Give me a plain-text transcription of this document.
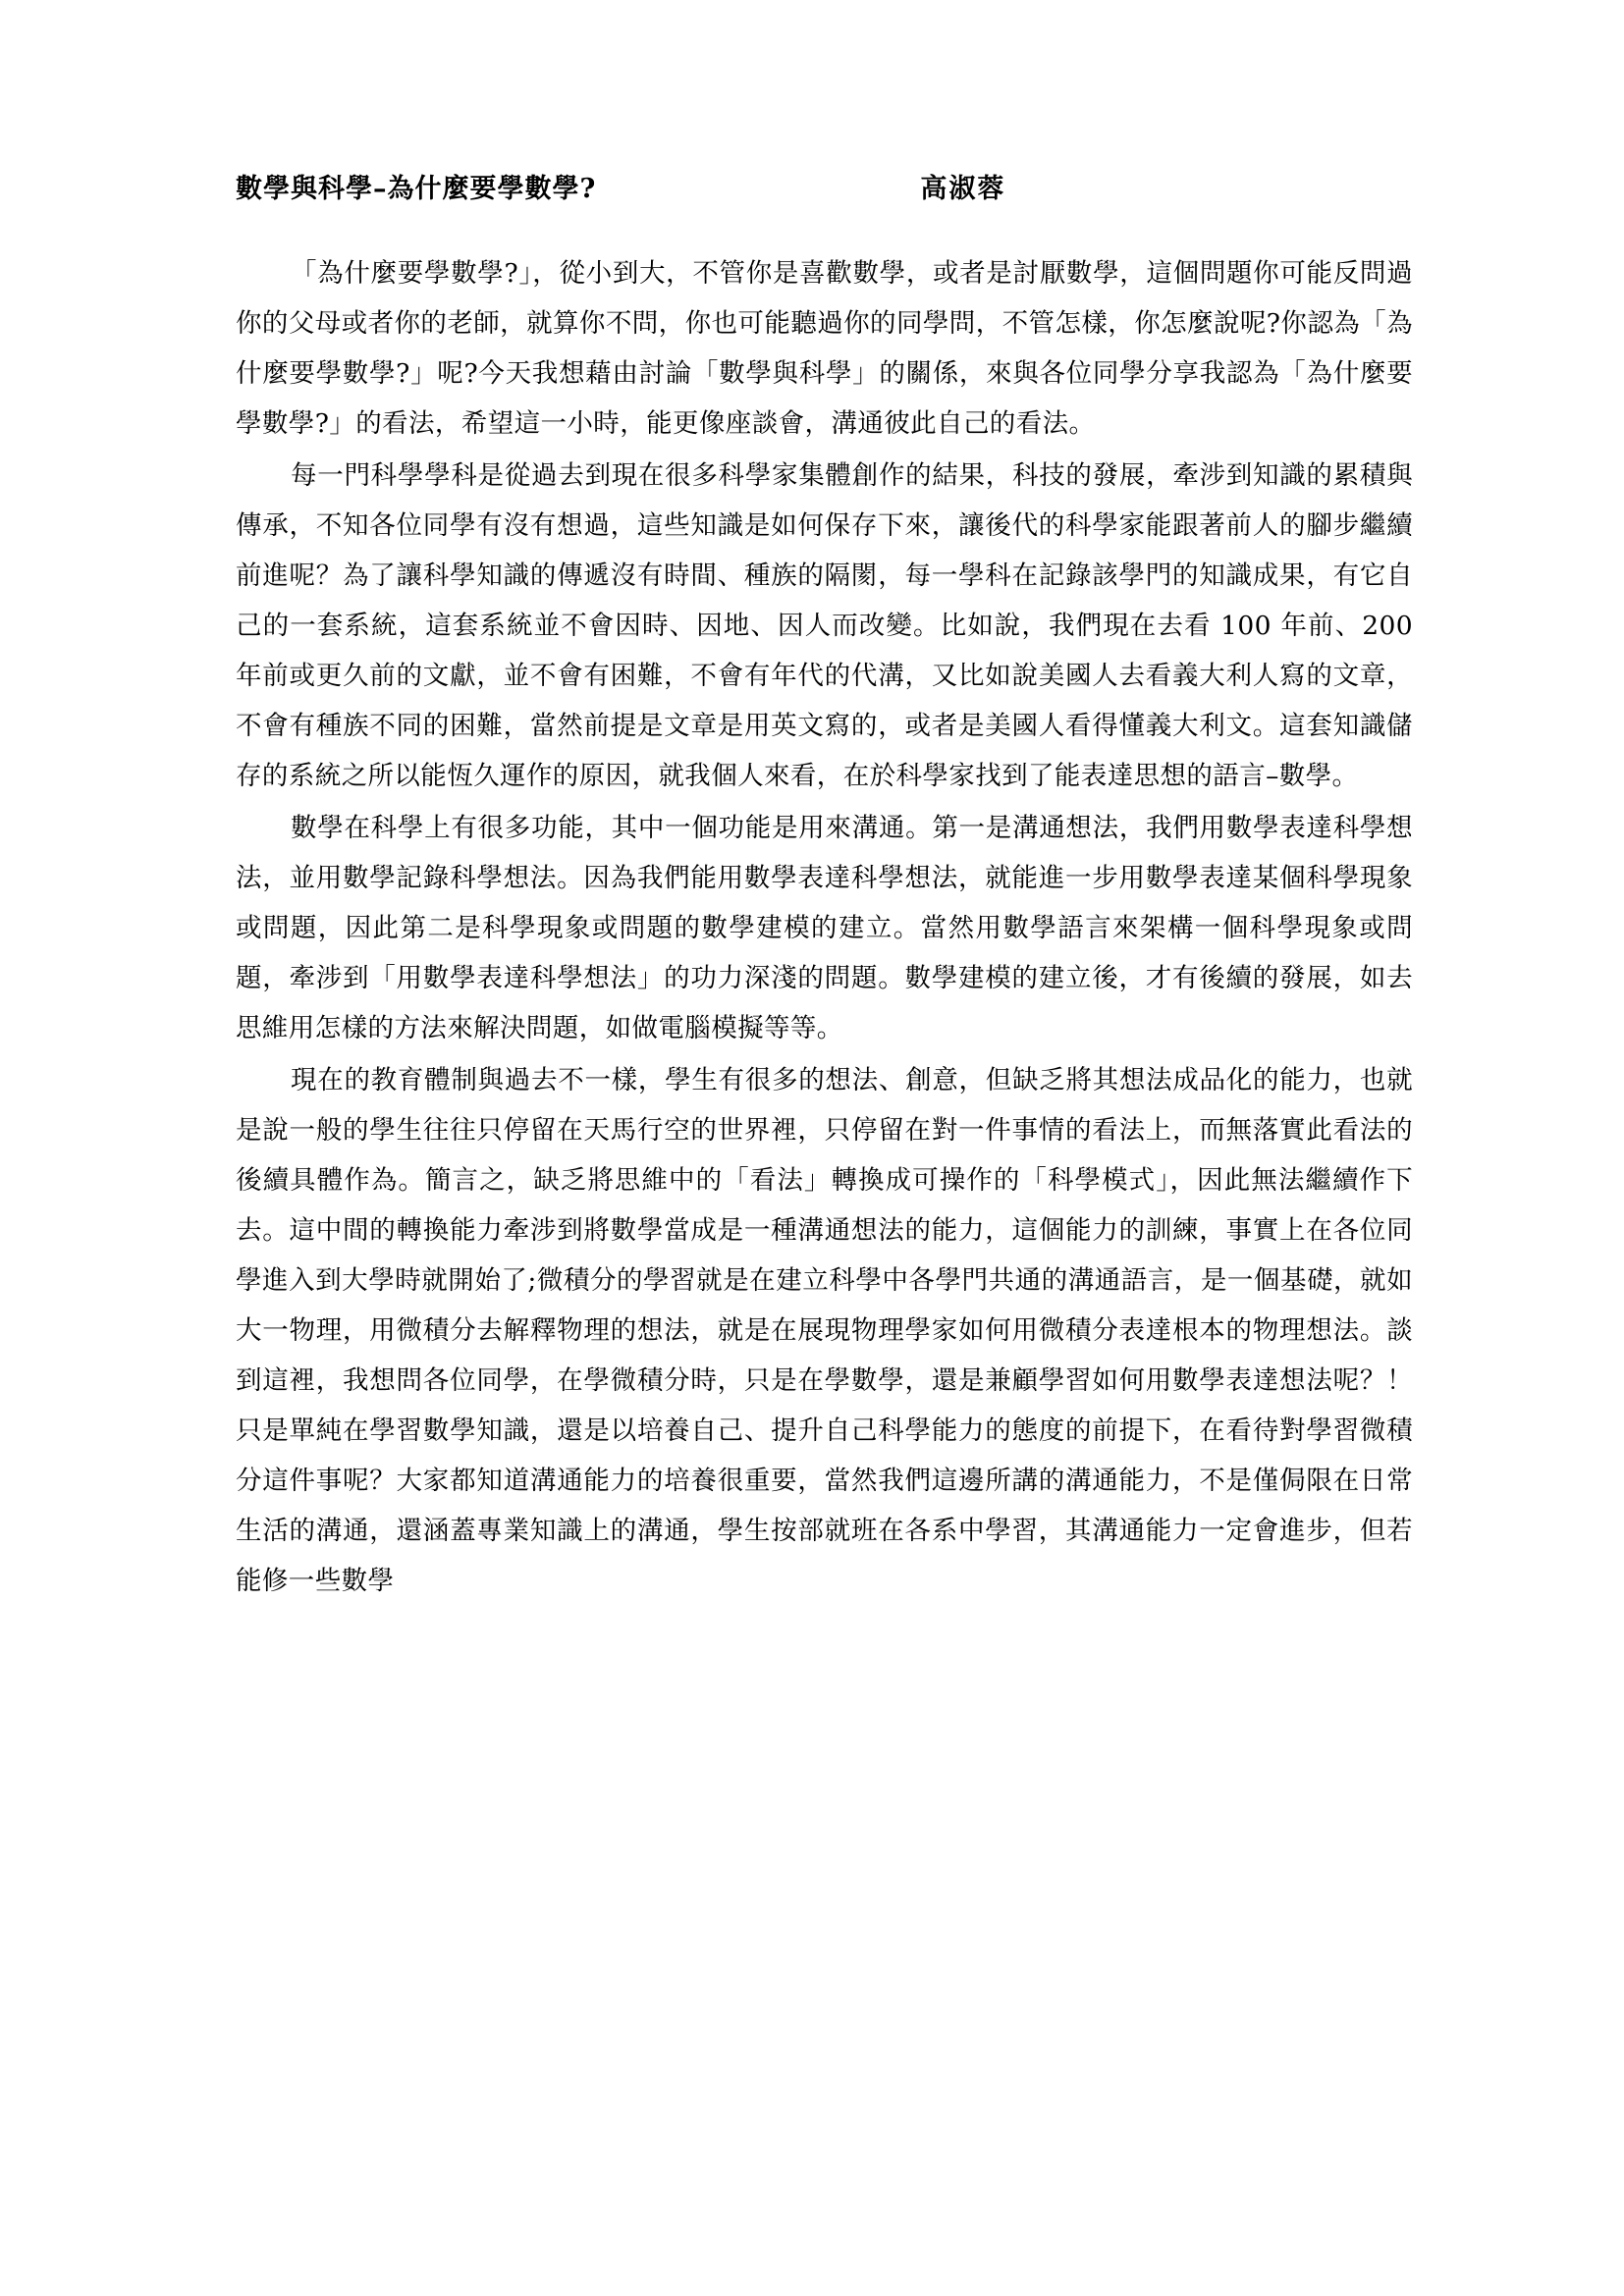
數學與科學–為什麼要學數學?	高淑蓉

「為什麼要學數學?」，從小到大，不管你是喜歡數學，或者是討厭數學，這個問題你可能反問過你的父母或者你的老師，就算你不問，你也可能聽過你的同學問，不管怎樣，你怎麼說呢?你認為「為什麼要學數學?」呢?今天我想藉由討論「數學與科學」的關係，來與各位同學分享我認為「為什麼要學數學?」的看法，希望這一小時，能更像座談會，溝通彼此自己的看法。

每一門科學學科是從過去到現在很多科學家集體創作的結果，科技的發展，牽涉到知識的累積與傳承，不知各位同學有沒有想過，這些知識是如何保存下來，讓後代的科學家能跟著前人的腳步繼續前進呢？為了讓科學知識的傳遞沒有時間、種族的隔閡，每一學科在記錄該學門的知識成果，有它自己的一套系統，這套系統並不會因時、因地、因人而改變。比如說，我們現在去看 100 年前、200 年前或更久前的文獻，並不會有困難，不會有年代的代溝，又比如說美國人去看義大利人寫的文章，不會有種族不同的困難，當然前提是文章是用英文寫的，或者是美國人看得懂義大利文。這套知識儲存的系統之所以能恆久運作的原因，就我個人來看，在於科學家找到了能表達思想的語言–數學。

數學在科學上有很多功能，其中一個功能是用來溝通。第一是溝通想法，我們用數學表達科學想法，並用數學記錄科學想法。因為我們能用數學表達科學想法，就能進一步用數學表達某個科學現象或問題，因此第二是科學現象或問題的數學建模的建立。當然用數學語言來架構一個科學現象或問題，牽涉到「用數學表達科學想法」的功力深淺的問題。數學建模的建立後，才有後續的發展，如去思維用怎樣的方法來解決問題，如做電腦模擬等等。

現在的教育體制與過去不一樣，學生有很多的想法、創意，但缺乏將其想法成品化的能力，也就是說一般的學生往往只停留在天馬行空的世界裡，只停留在對一件事情的看法上，而無落實此看法的後續具體作為。簡言之，缺乏將思維中的「看法」轉換成可操作的「科學模式」，因此無法繼續作下去。這中間的轉換能力牽涉到將數學當成是一種溝通想法的能力，這個能力的訓練，事實上在各位同學進入到大學時就開始了;微積分的學習就是在建立科學中各學門共通的溝通語言，是一個基礎，就如大一物理，用微積分去解釋物理的想法，就是在展現物理學家如何用微積分表達根本的物理想法。談到這裡，我想問各位同學，在學微積分時，只是在學數學，還是兼顧學習如何用數學表達想法呢？！只是單純在學習數學知識，還是以培養自己、提升自己科學能力的態度的前提下，在看待對學習微積分這件事呢？大家都知道溝通能力的培養很重要，當然我們這邊所講的溝通能力，不是僅侷限在日常生活的溝通，還涵蓋專業知識上的溝通，學生按部就班在各系中學習，其溝通能力一定會進步，但若能修一些數學
